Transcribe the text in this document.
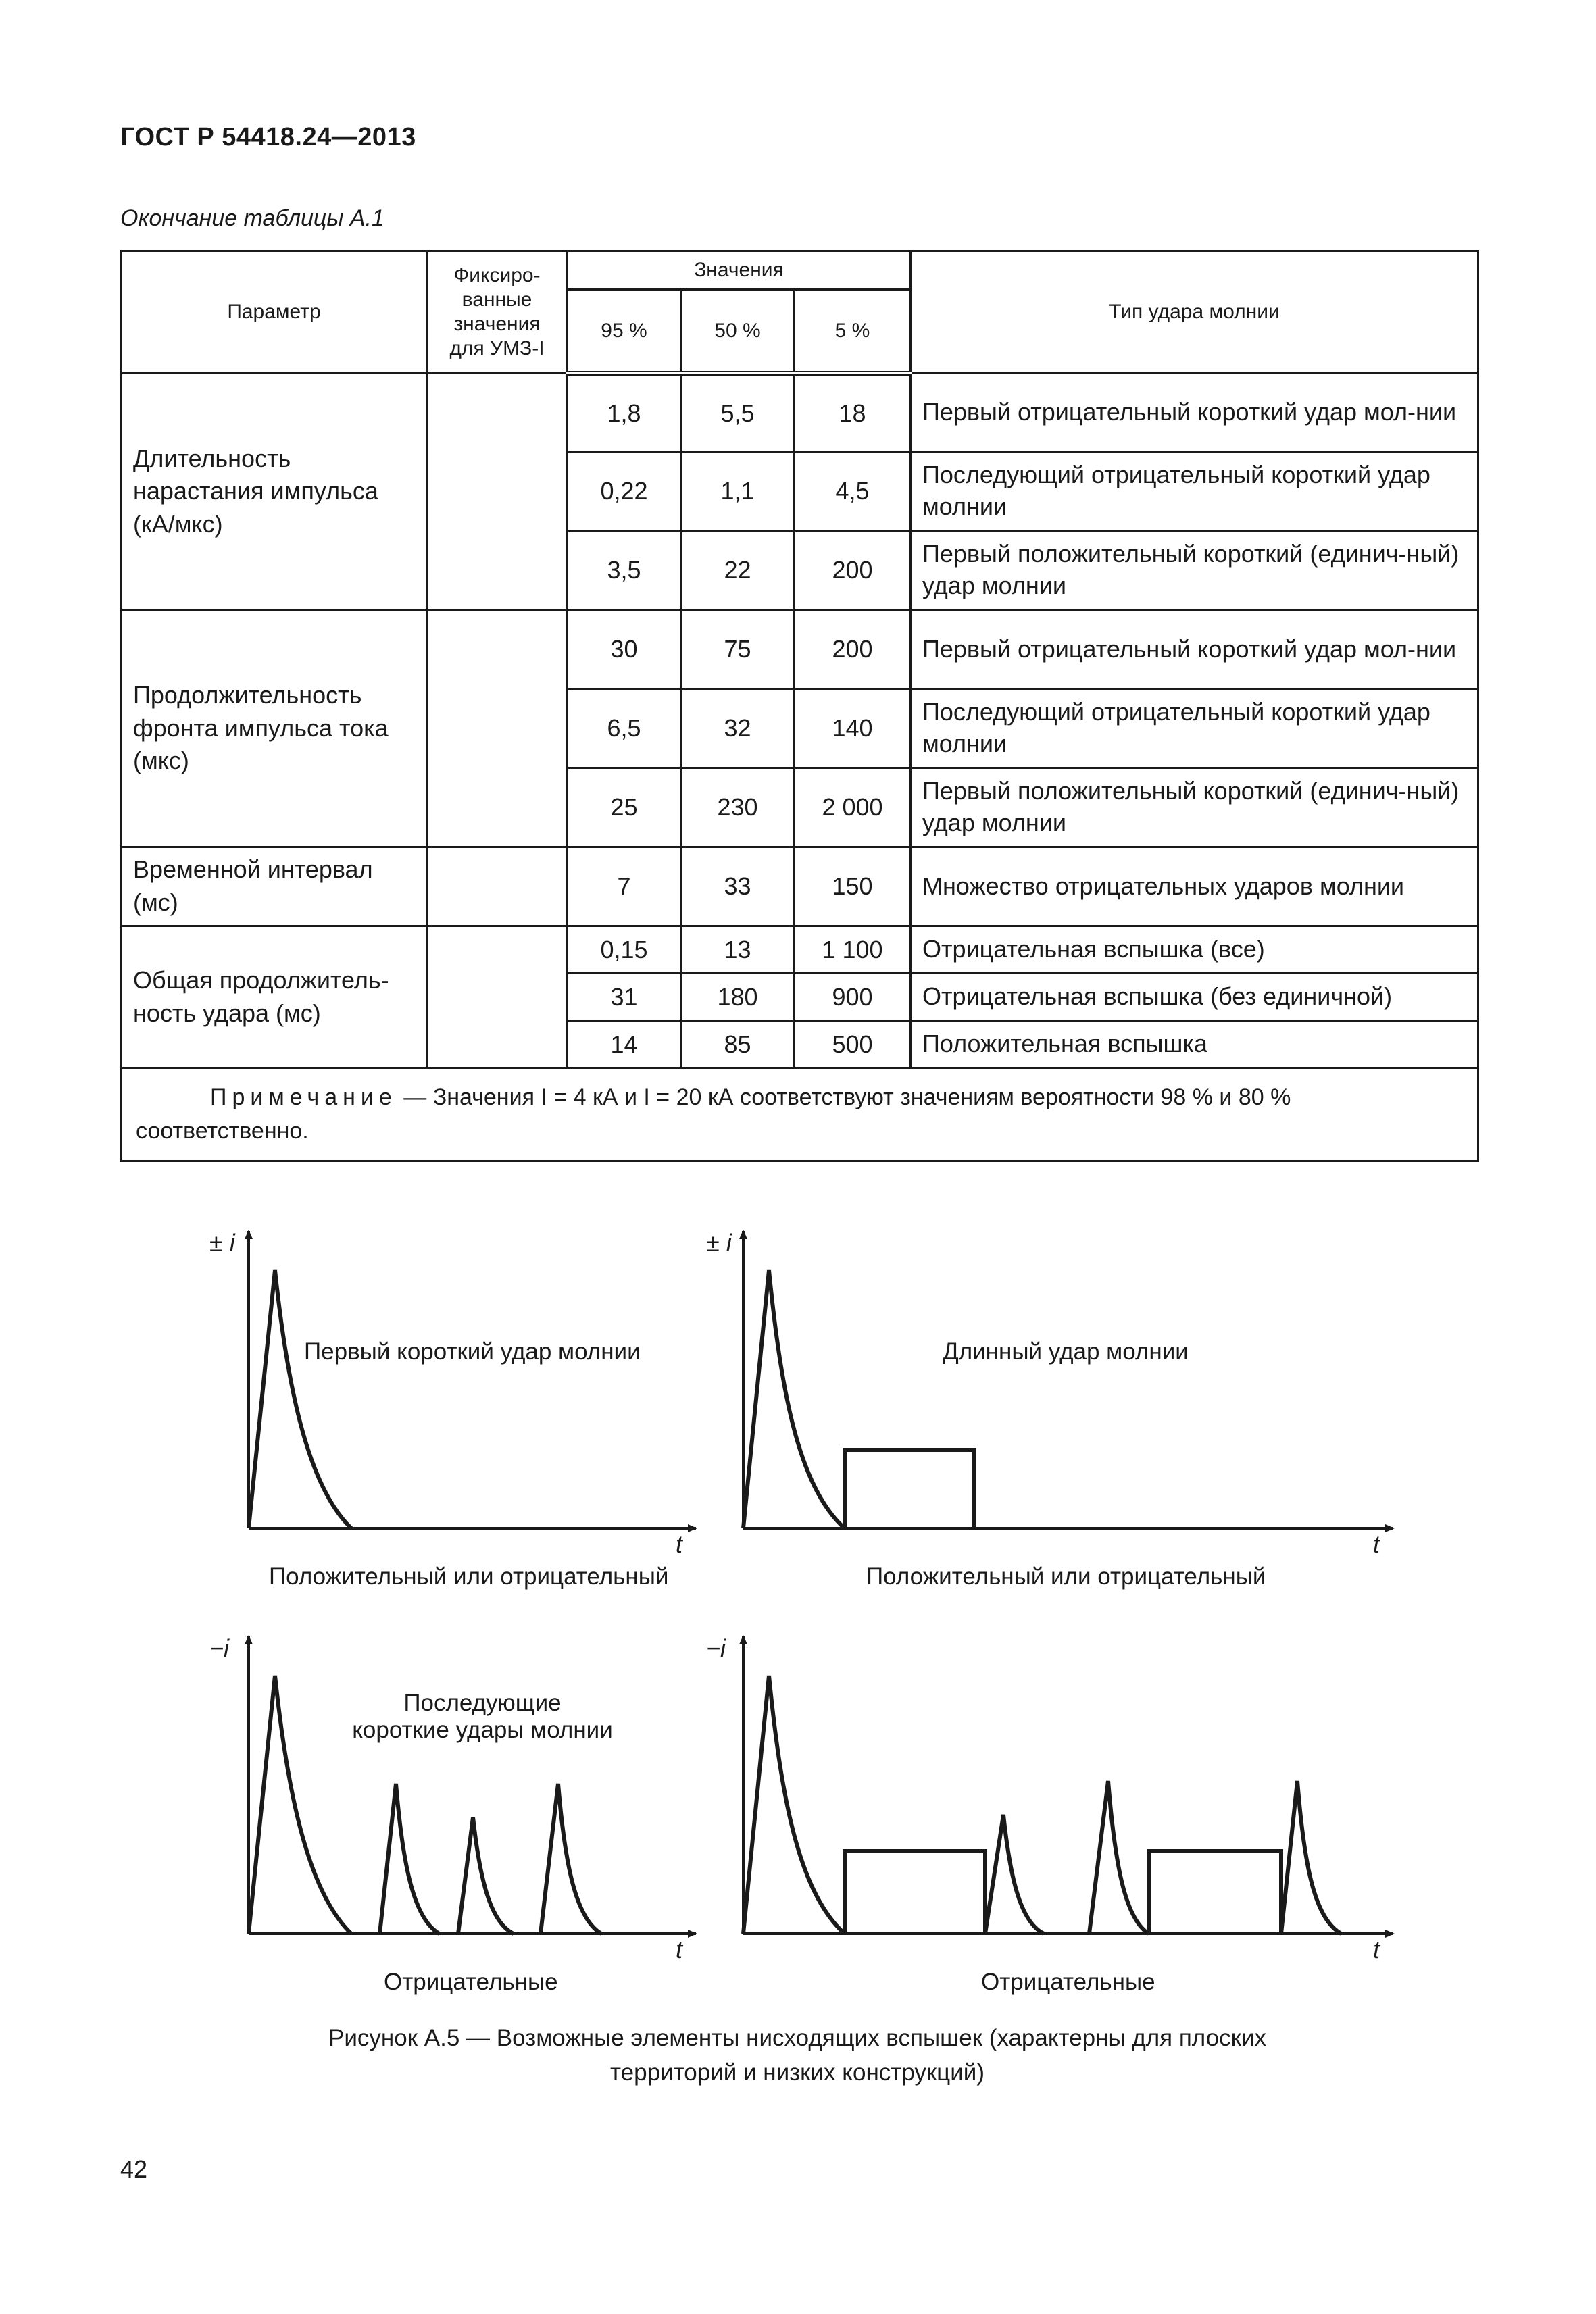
ГОСТ Р 54418.24—2013
Окончание таблицы А.1
Параметр	Фиксиро-
ванные
значения
для УМЗ-I	Значения			Тип удара молнии
		95 %	50 %	5 %	
Длительность нарастания импульса (кА/мкс)		1,8	5,5	18	Первый отрицательный короткий удар мол-нии
		0,22	1,1	4,5	Последующий отрицательный короткий удар молнии
		3,5	22	200	Первый положительный короткий (единич-ный) удар молнии
Продолжительность фронта импульса тока (мкс)		30	75	200	Первый отрицательный короткий удар мол-нии
		6,5	32	140	Последующий отрицательный короткий удар молнии
		25	230	2 000	Первый положительный короткий (единич-ный) удар молнии
Временной интервал (мс)		7	33	150	Множество отрицательных ударов молнии
Общая продолжитель-ность удара (мс)		0,15	13	1 100	Отрицательная вспышка (все)
		31	180	900	Отрицательная вспышка (без единичной)
		14	85	500	Положительная вспышка
Примечание — Значения I = 4 кА и I = 20 кА соответствуют значениям вероятности 98 % и 80 % соответственно.					
± i
t
Первый короткий удар молнии
Положительный или отрицательный
± i
t
Длинный удар молнии
Положительный или отрицательный
−i
t
Последующие
короткие удары молнии
Отрицательные
−i
t
Отрицательные
Рисунок А.5 — Возможные элементы нисходящих вспышек (характерны для плоских
территорий и низких конструкций)
42
